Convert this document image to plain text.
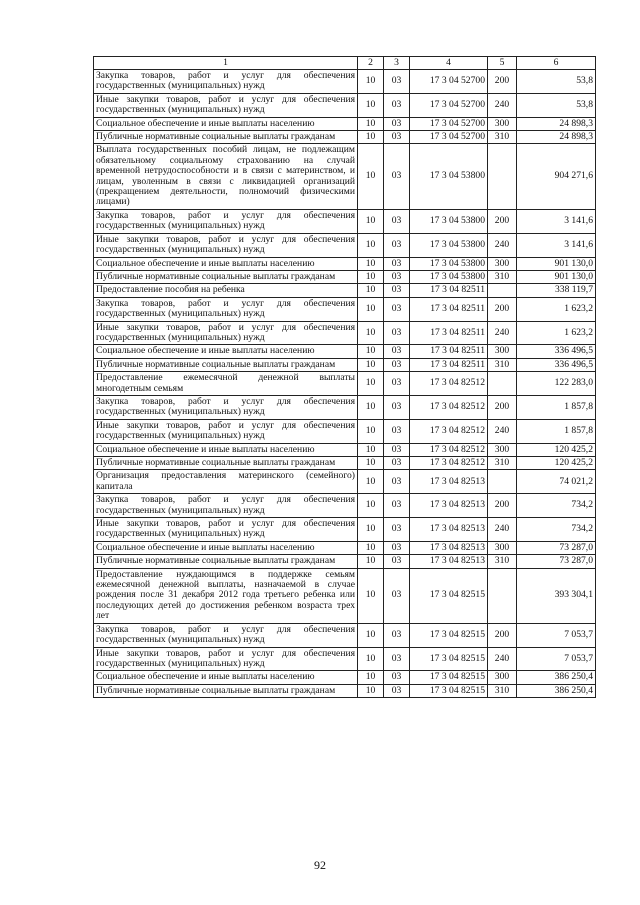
1	2	3	4	5	6
Закупка товаров, работ и услуг для обеспечения государственных (муниципальных) нужд	10	03	17 3 04 52700	200	53,8
Иные закупки товаров, работ и услуг для обеспечения государственных (муниципальных) нужд	10	03	17 3 04 52700	240	53,8
Социальное обеспечение и иные выплаты населению	10	03	17 3 04 52700	300	24 898,3
Публичные нормативные социальные выплаты гражданам	10	03	17 3 04 52700	310	24 898,3
Выплата государственных пособий лицам, не подлежащим обязательному социальному страхованию на случай временной нетрудоспособности и в связи с материнством, и лицам, уволенным в связи с ликвидацией организаций (прекращением деятельности, полномочий физическими лицами)	10	03	17 3 04 53800		904 271,6
Закупка товаров, работ и услуг для обеспечения государственных (муниципальных) нужд	10	03	17 3 04 53800	200	3 141,6
Иные закупки товаров, работ и услуг для обеспечения государственных (муниципальных) нужд	10	03	17 3 04 53800	240	3 141,6
Социальное обеспечение и иные выплаты населению	10	03	17 3 04 53800	300	901 130,0
Публичные нормативные социальные выплаты гражданам	10	03	17 3 04 53800	310	901 130,0
Предоставление пособия на ребенка	10	03	17 3 04 82511		338 119,7
Закупка товаров, работ и услуг для обеспечения государственных (муниципальных) нужд	10	03	17 3 04 82511	200	1 623,2
Иные закупки товаров, работ и услуг для обеспечения государственных (муниципальных) нужд	10	03	17 3 04 82511	240	1 623,2
Социальное обеспечение и иные выплаты населению	10	03	17 3 04 82511	300	336 496,5
Публичные нормативные социальные выплаты гражданам	10	03	17 3 04 82511	310	336 496,5
Предоставление ежемесячной денежной выплаты многодетным семьям	10	03	17 3 04 82512		122 283,0
Закупка товаров, работ и услуг для обеспечения государственных (муниципальных) нужд	10	03	17 3 04 82512	200	1 857,8
Иные закупки товаров, работ и услуг для обеспечения государственных (муниципальных) нужд	10	03	17 3 04 82512	240	1 857,8
Социальное обеспечение и иные выплаты населению	10	03	17 3 04 82512	300	120 425,2
Публичные нормативные социальные выплаты гражданам	10	03	17 3 04 82512	310	120 425,2
Организация предоставления материнского (семейного) капитала	10	03	17 3 04 82513		74 021,2
Закупка товаров, работ и услуг для обеспечения государственных (муниципальных) нужд	10	03	17 3 04 82513	200	734,2
Иные закупки товаров, работ и услуг для обеспечения государственных (муниципальных) нужд	10	03	17 3 04 82513	240	734,2
Социальное обеспечение и иные выплаты населению	10	03	17 3 04 82513	300	73 287,0
Публичные нормативные социальные выплаты гражданам	10	03	17 3 04 82513	310	73 287,0
Предоставление нуждающимся в поддержке семьям ежемесячной денежной выплаты, назначаемой в случае рождения после 31 декабря 2012 года третьего ребенка или последующих детей до достижения ребенком возраста трех лет	10	03	17 3 04 82515		393 304,1
Закупка товаров, работ и услуг для обеспечения государственных (муниципальных) нужд	10	03	17 3 04 82515	200	7 053,7
Иные закупки товаров, работ и услуг для обеспечения государственных (муниципальных) нужд	10	03	17 3 04 82515	240	7 053,7
Социальное обеспечение и иные выплаты населению	10	03	17 3 04 82515	300	386 250,4
Публичные нормативные социальные выплаты гражданам	10	03	17 3 04 82515	310	386 250,4
92
